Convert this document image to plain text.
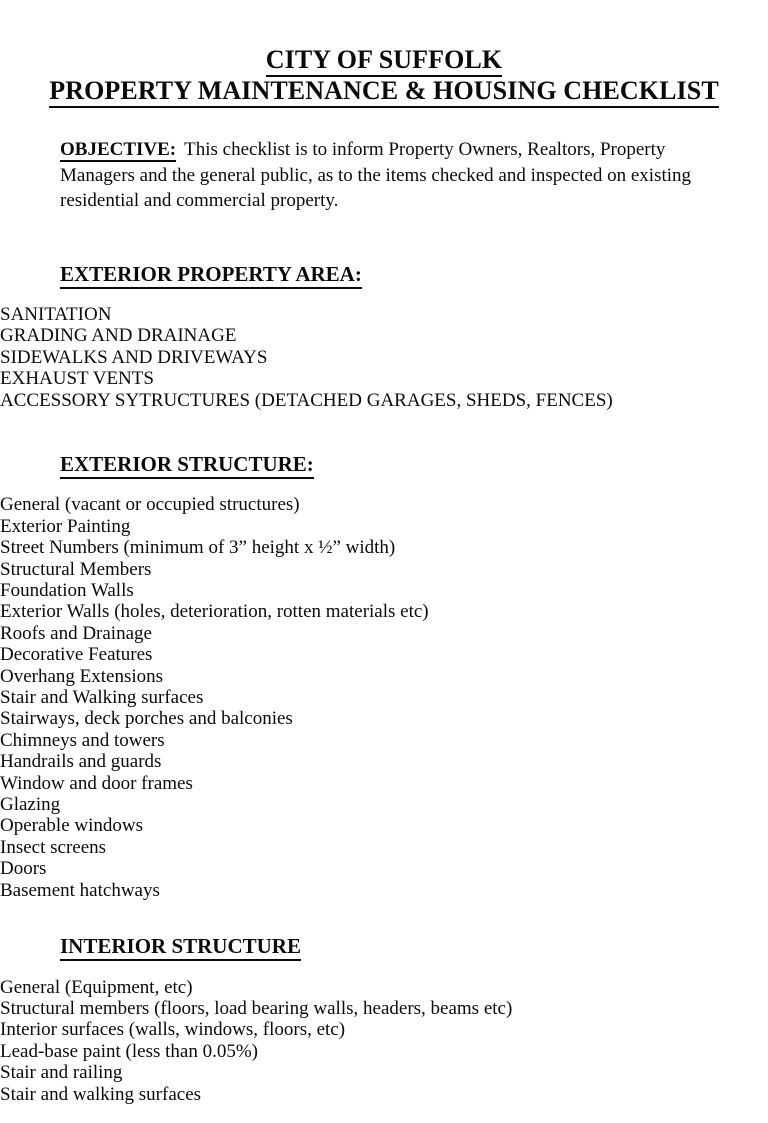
CITY OF SUFFOLK
PROPERTY MAINTENANCE & HOUSING CHECKLIST
OBJECTIVE: This checklist is to inform Property Owners, Realtors, Property Managers and the general public, as to the items checked and inspected on existing residential and commercial property.
EXTERIOR PROPERTY AREA:
SANITATION
GRADING AND DRAINAGE
SIDEWALKS AND DRIVEWAYS
EXHAUST VENTS
ACCESSORY SYTRUCTURES (DETACHED GARAGES, SHEDS, FENCES)
EXTERIOR STRUCTURE:
General (vacant or occupied structures)
Exterior Painting
Street Numbers (minimum of 3” height x ½” width)
Structural Members
Foundation Walls
Exterior Walls (holes, deterioration, rotten materials etc)
Roofs and Drainage
Decorative Features
Overhang Extensions
Stair and Walking surfaces
Stairways, deck porches and balconies
Chimneys and towers
Handrails and guards
Window and door frames
Glazing
Operable windows
Insect screens
Doors
Basement hatchways
INTERIOR STRUCTURE
General (Equipment, etc)
Structural members (floors, load bearing walls, headers, beams etc)
Interior surfaces (walls, windows, floors, etc)
Lead-base paint (less than 0.05%)
Stair and railing
Stair and walking surfaces
